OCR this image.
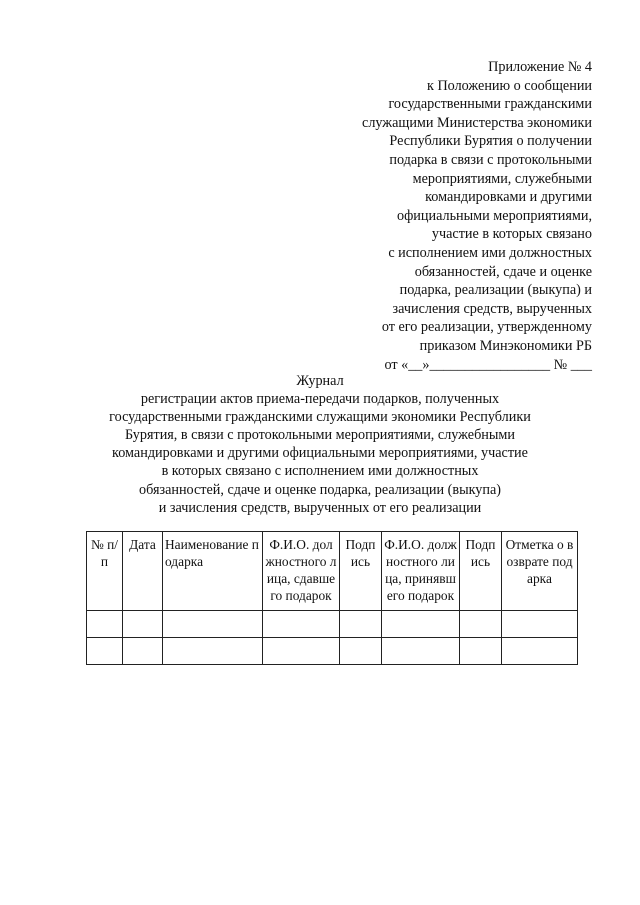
Приложение № 4
к Положению о сообщении
государственными гражданскими
служащими Министерства экономики
Республики Бурятия о получении
подарка в связи с протокольными
мероприятиями, служебными
командировками и другими
официальными мероприятиями,
участие в которых связано
с исполнением ими должностных
обязанностей, сдаче и оценке
подарка, реализации (выкупа) и
зачисления средств, вырученных
от его реализации, утвержденному
приказом Минэкономики РБ
от «__»_________________ № ___
Журнал
регистрации актов приема-передачи подарков, полученных
государственными гражданскими служащими экономики Республики
Бурятия, в связи с протокольными мероприятиями, служебными
командировками и другими официальными мероприятиями, участие
в которых связано с исполнением ими должностных
обязанностей, сдаче и оценке подарка, реализации (выкупа)
и зачисления средств, вырученных от его реализации
№ п/п	Дата	Наименование подарка	Ф.И.О. должностного лица, сдавшего подарок	Подпись	Ф.И.О. должностного лица, принявшего подарок	Подпись	Отметка о возврате подарка
